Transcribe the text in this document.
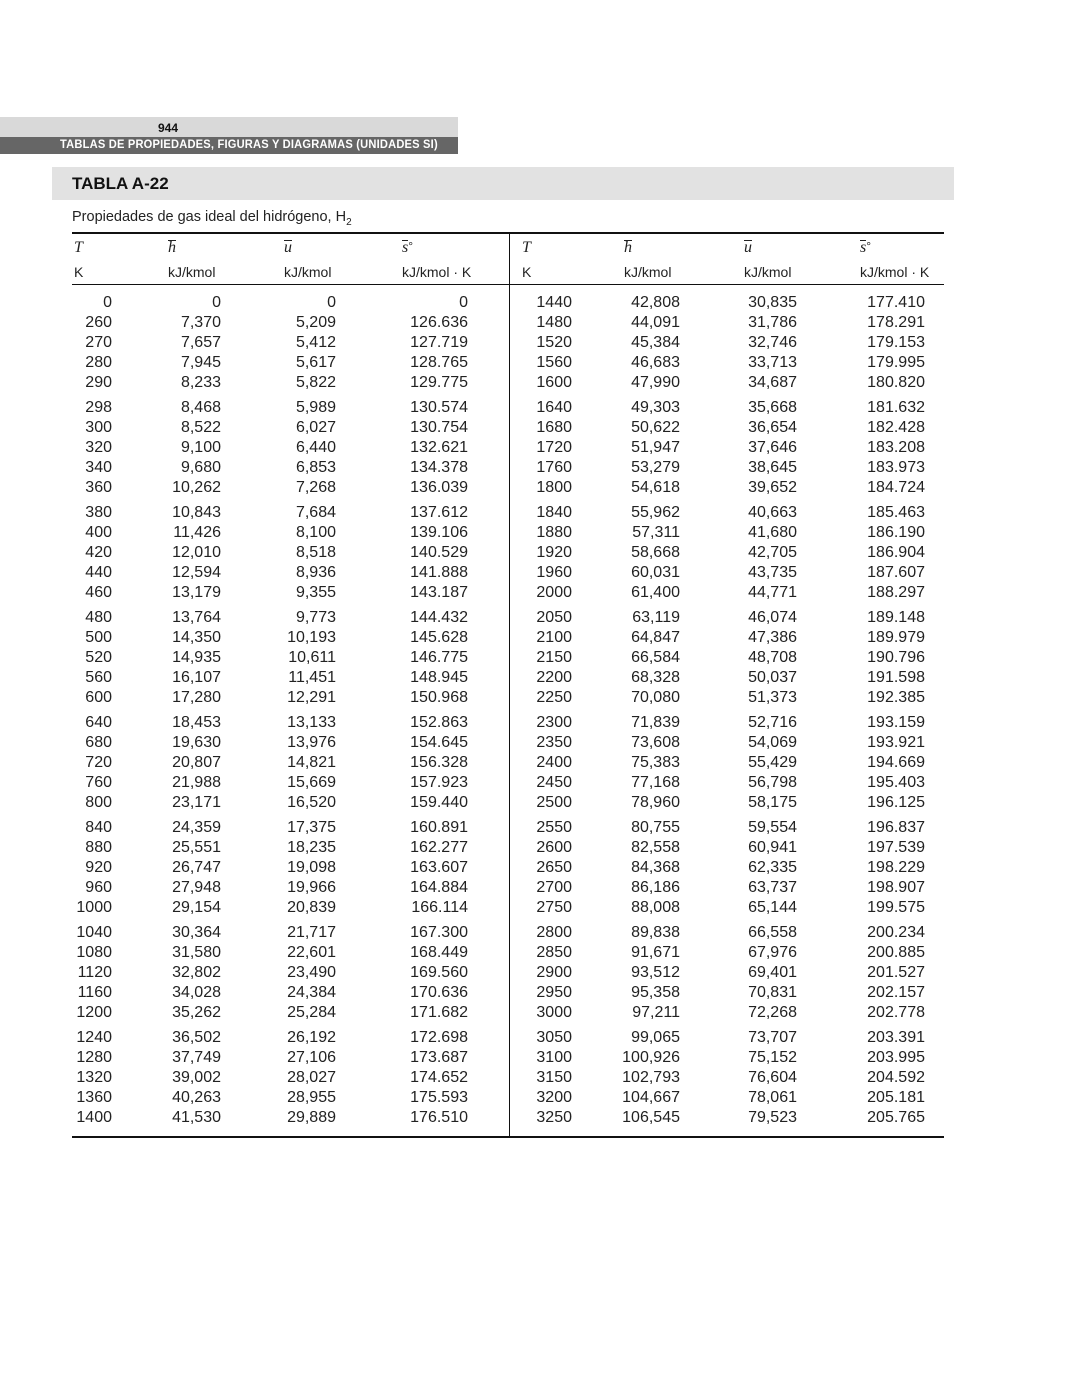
944
TABLAS DE PROPIEDADES, FIGURAS Y DIAGRAMAS (UNIDADES SI)
TABLA A-22
Propiedades de gas ideal del hidrógeno, $H_2$
T	h	u	s°
K	kJ/kmol	kJ/kmol	kJ/kmol · K
T	h	u	s°
K	kJ/kmol	kJ/kmol	kJ/kmol · K
0	0	0	0
260	7,370	5,209	126.636
270	7,657	5,412	127.719
280	7,945	5,617	128.765
290	8,233	5,822	129.775
298	8,468	5,989	130.574
300	8,522	6,027	130.754
320	9,100	6,440	132.621
340	9,680	6,853	134.378
360	10,262	7,268	136.039
380	10,843	7,684	137.612
400	11,426	8,100	139.106
420	12,010	8,518	140.529
440	12,594	8,936	141.888
460	13,179	9,355	143.187
480	13,764	9,773	144.432
500	14,350	10,193	145.628
520	14,935	10,611	146.775
560	16,107	11,451	148.945
600	17,280	12,291	150.968
640	18,453	13,133	152.863
680	19,630	13,976	154.645
720	20,807	14,821	156.328
760	21,988	15,669	157.923
800	23,171	16,520	159.440
840	24,359	17,375	160.891
880	25,551	18,235	162.277
920	26,747	19,098	163.607
960	27,948	19,966	164.884
1000	29,154	20,839	166.114
1040	30,364	21,717	167.300
1080	31,580	22,601	168.449
1120	32,802	23,490	169.560
1160	34,028	24,384	170.636
1200	35,262	25,284	171.682
1240	36,502	26,192	172.698
1280	37,749	27,106	173.687
1320	39,002	28,027	174.652
1360	40,263	28,955	175.593
1400	41,530	29,889	176.510
1440	42,808	30,835	177.410
1480	44,091	31,786	178.291
1520	45,384	32,746	179.153
1560	46,683	33,713	179.995
1600	47,990	34,687	180.820
1640	49,303	35,668	181.632
1680	50,622	36,654	182.428
1720	51,947	37,646	183.208
1760	53,279	38,645	183.973
1800	54,618	39,652	184.724
1840	55,962	40,663	185.463
1880	57,311	41,680	186.190
1920	58,668	42,705	186.904
1960	60,031	43,735	187.607
2000	61,400	44,771	188.297
2050	63,119	46,074	189.148
2100	64,847	47,386	189.979
2150	66,584	48,708	190.796
2200	68,328	50,037	191.598
2250	70,080	51,373	192.385
2300	71,839	52,716	193.159
2350	73,608	54,069	193.921
2400	75,383	55,429	194.669
2450	77,168	56,798	195.403
2500	78,960	58,175	196.125
2550	80,755	59,554	196.837
2600	82,558	60,941	197.539
2650	84,368	62,335	198.229
2700	86,186	63,737	198.907
2750	88,008	65,144	199.575
2800	89,838	66,558	200.234
2850	91,671	67,976	200.885
2900	93,512	69,401	201.527
2950	95,358	70,831	202.157
3000	97,211	72,268	202.778
3050	99,065	73,707	203.391
3100	100,926	75,152	203.995
3150	102,793	76,604	204.592
3200	104,667	78,061	205.181
3250	106,545	79,523	205.765
